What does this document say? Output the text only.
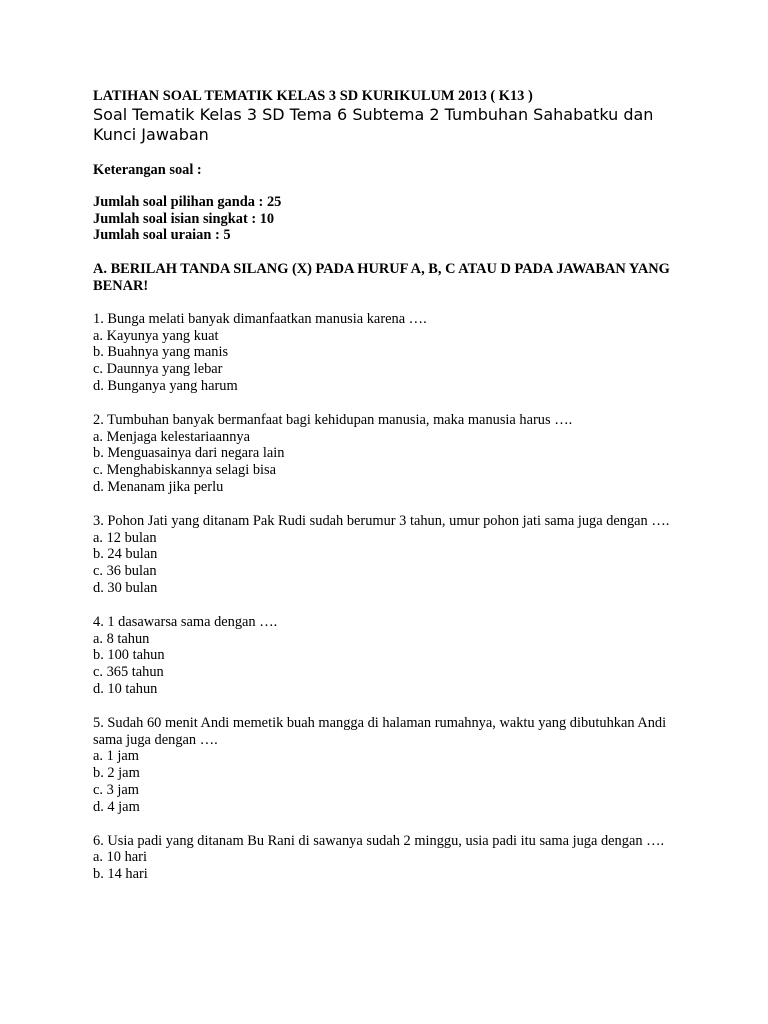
LATIHAN SOAL TEMATIK KELAS 3 SD KURIKULUM 2013 ( K13 )

Soal Tematik Kelas 3 SD Tema 6 Subtema 2 Tumbuhan Sahabatku dan Kunci Jawaban

Keterangan soal :

Jumlah soal pilihan ganda : 25

Jumlah soal isian singkat : 10

Jumlah soal uraian : 5

A. BERILAH TANDA SILANG (X) PADA HURUF A, B, C ATAU D PADA JAWABAN YANG BENAR!

1. Bunga melati banyak dimanfaatkan manusia karena ….

a. Kayunya yang kuat

b. Buahnya yang manis

c. Daunnya yang lebar

d. Bunganya yang harum

2. Tumbuhan banyak bermanfaat bagi kehidupan manusia, maka manusia harus ….

a. Menjaga kelestariaannya

b. Menguasainya dari negara lain

c. Menghabiskannya selagi bisa

d. Menanam jika perlu

3. Pohon Jati yang ditanam Pak Rudi sudah berumur 3 tahun, umur pohon jati sama juga dengan ….

a. 12 bulan

b. 24 bulan

c. 36 bulan

d. 30 bulan

4. 1 dasawarsa sama dengan ….

a. 8 tahun

b. 100 tahun

c. 365 tahun

d. 10 tahun

5. Sudah 60 menit Andi memetik buah mangga di halaman rumahnya, waktu yang dibutuhkan Andi sama juga dengan ….

a. 1 jam

b. 2 jam

c. 3 jam

d. 4 jam

6. Usia padi yang ditanam Bu Rani di sawanya sudah 2 minggu, usia padi itu sama juga dengan ….

a. 10 hari

b. 14 hari
